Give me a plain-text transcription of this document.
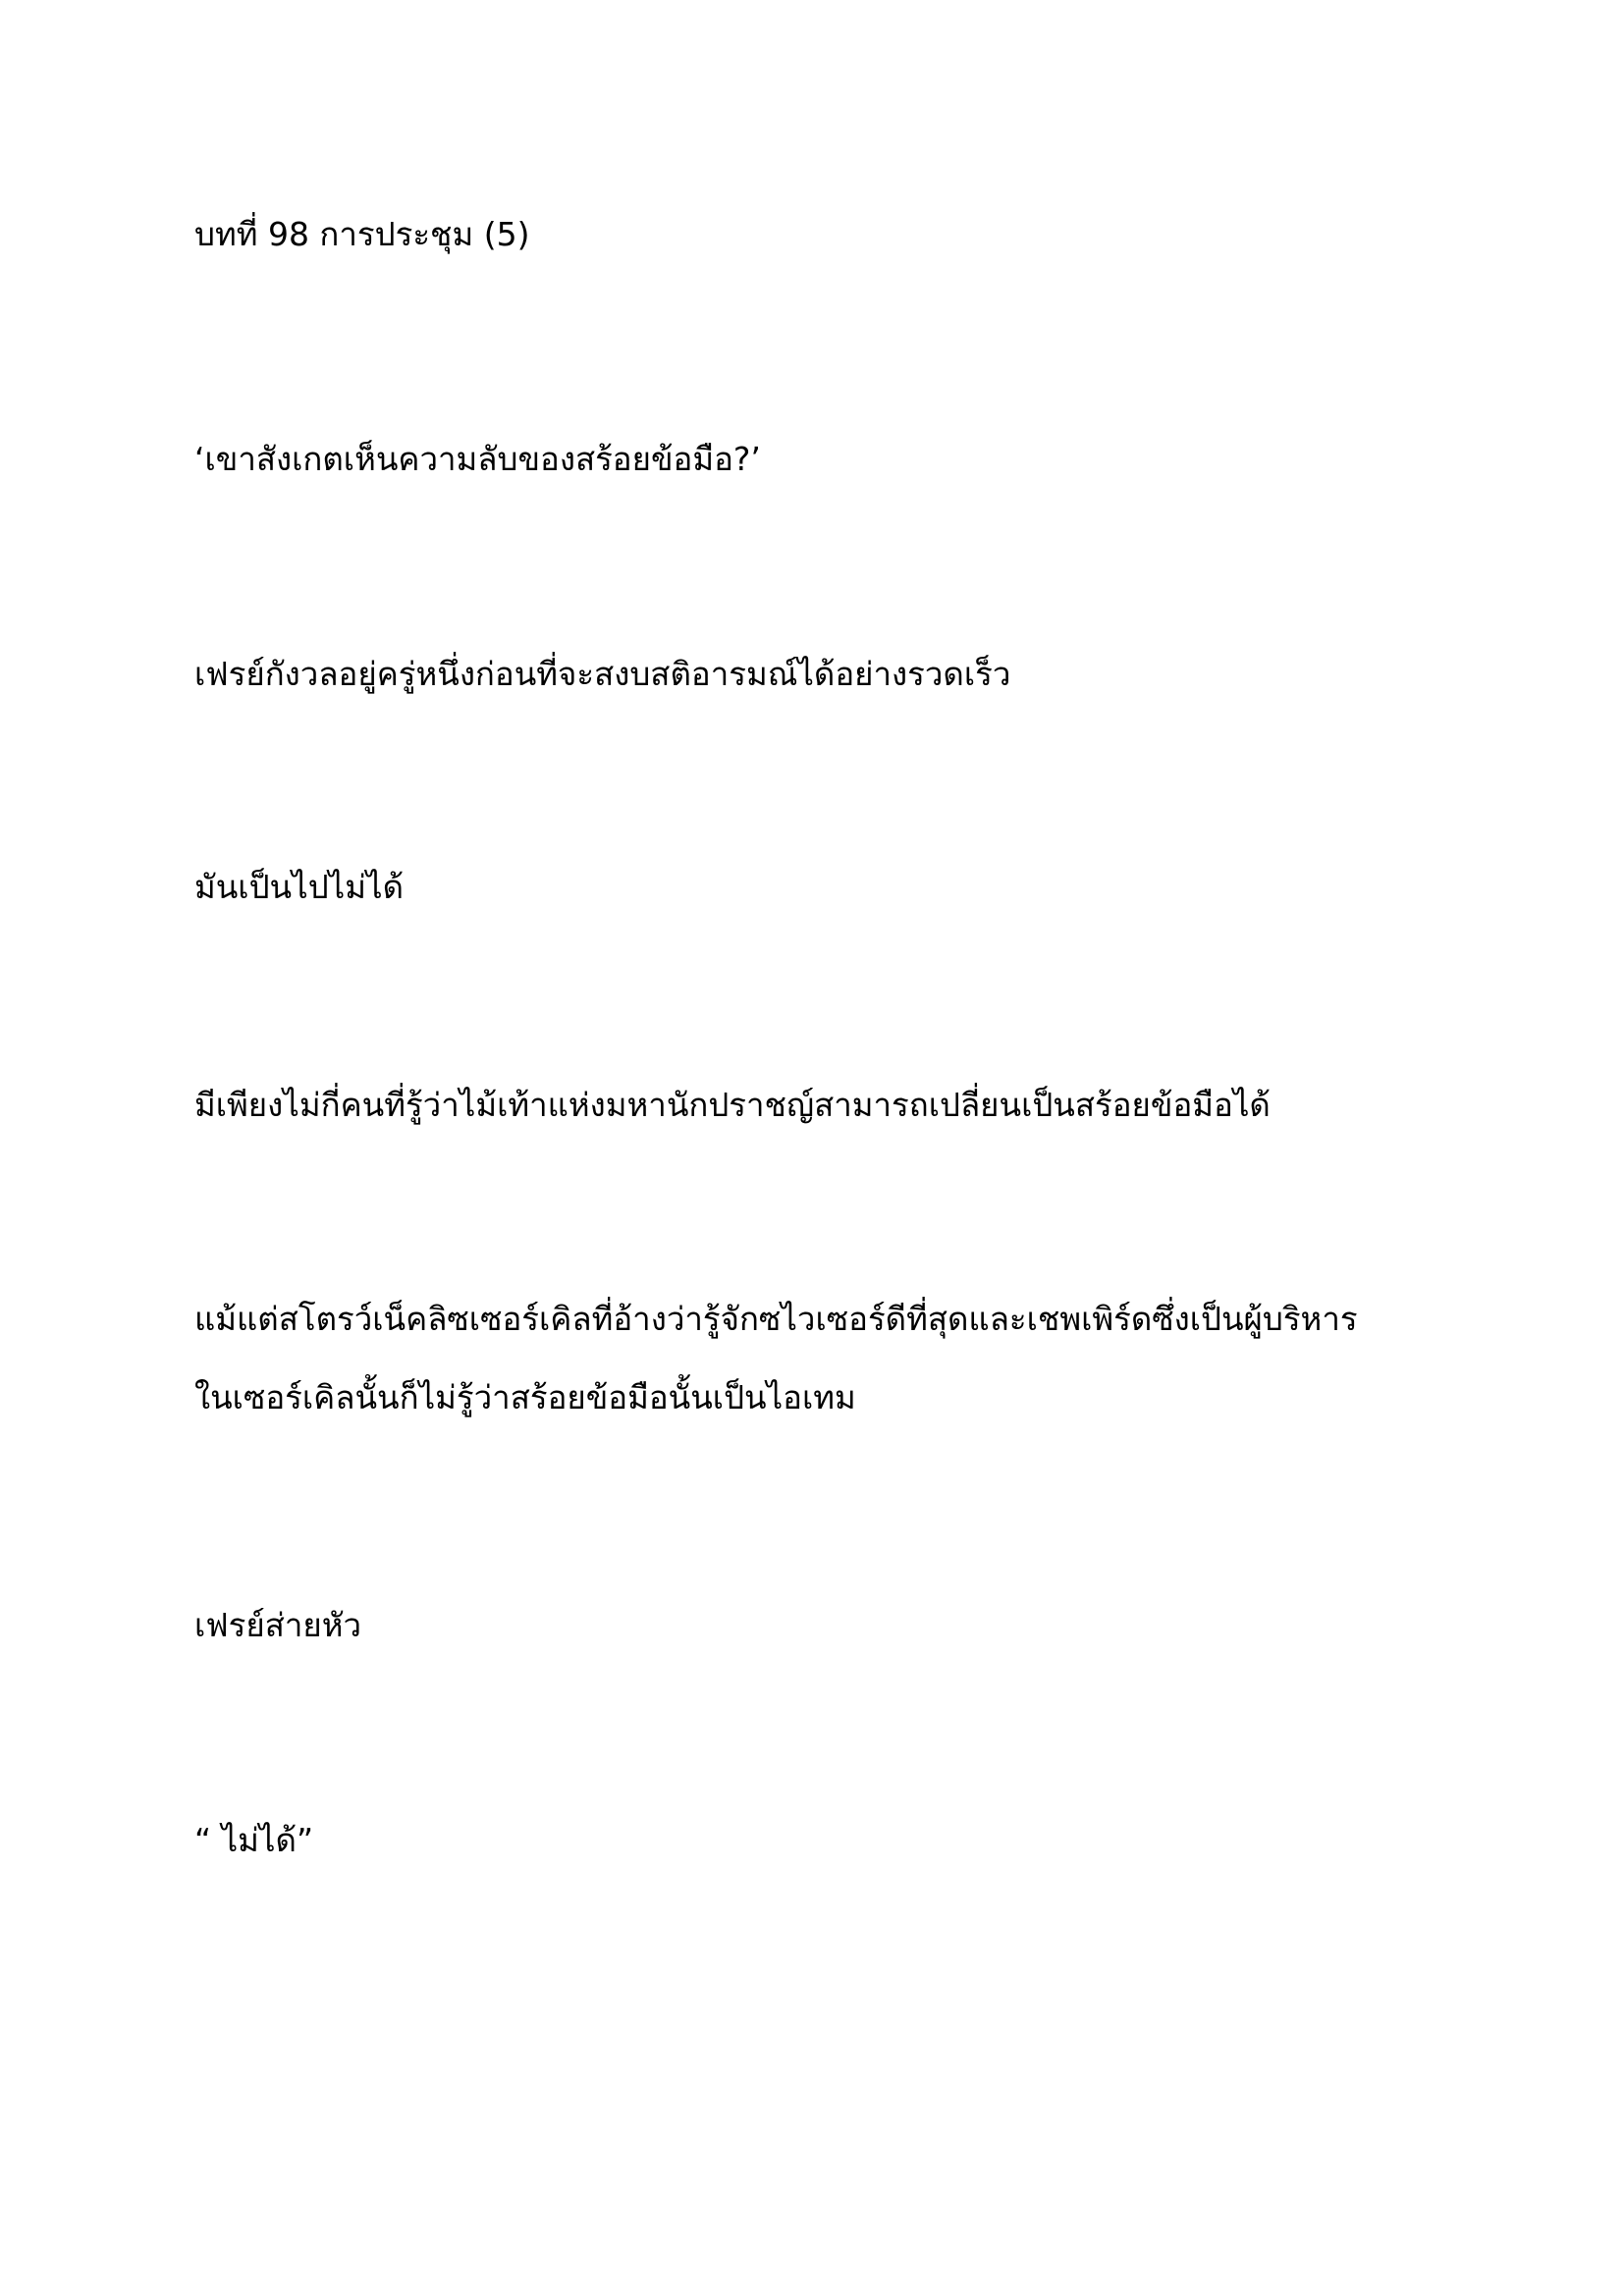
บทที่ 98 การประชุม (5)
‘เขาสังเกตเห็นความลับของสร้อยข้อมือ?’
เฟรย์กังวลอยู่ครู่หนึ่งก่อนที่จะสงบสติอารมณ์ได้อย่างรวดเร็ว
มันเป็นไปไม่ได้
มีเพียงไม่กี่คนที่รู้ว่าไม้เท้าแห่งมหานักปราชญ์สามารถเปลี่ยนเป็นสร้อยข้อมือได้
แม้แต่สโตรว์เน็คลิซเซอร์เคิลที่อ้างว่ารู้จักซไวเซอร์ดีที่สุดและเชพเพิร์ดซึ่งเป็นผู้บริหาร
ในเซอร์เคิลนั้นก็ไม่รู้ว่าสร้อยข้อมือนั้นเป็นไอเทม
เฟรย์ส่ายหัว
“ ไม่ได้”
